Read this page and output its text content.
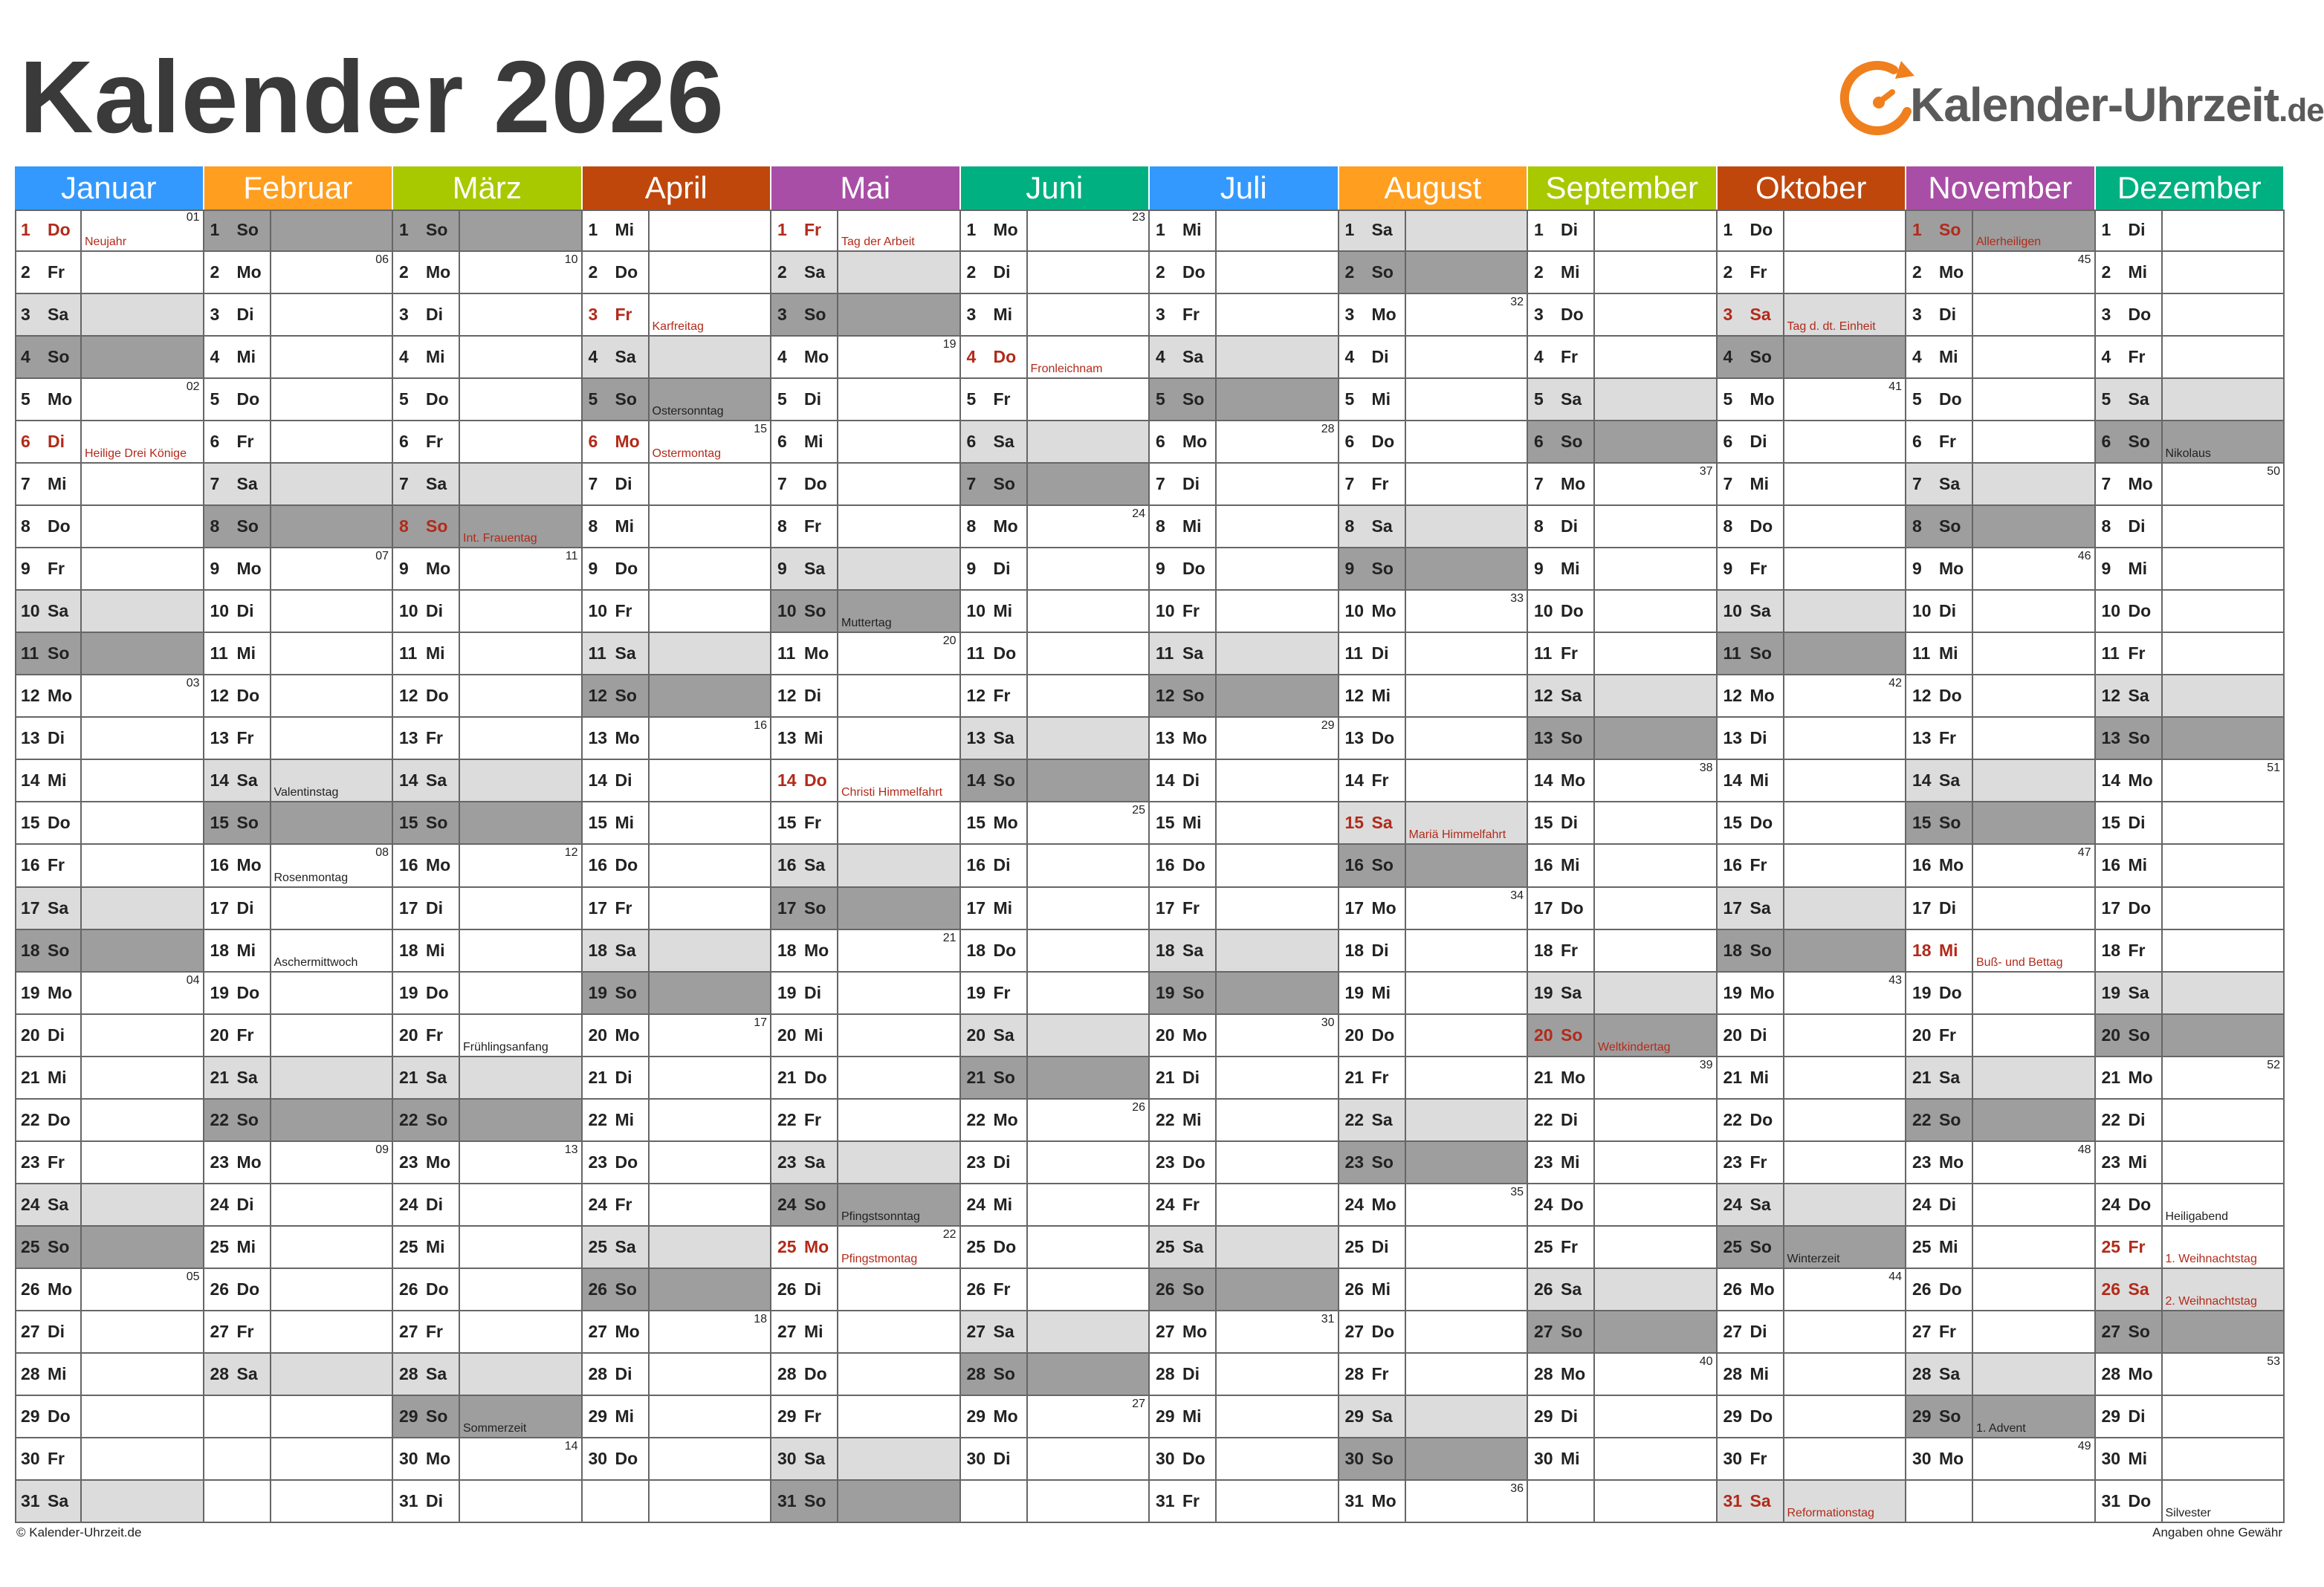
Kalender 2026	Kalender-Uhrzeit.de
Januar
1 Do
Neujahr
01
2 Fr
3 Sa
4 So
5 Mo
02
6 Di
Heilige Drei Könige
7 Mi
8 Do
9 Fr
10 Sa
11 So
12 Mo
03
13 Di
14 Mi
15 Do
16 Fr
17 Sa
18 So
19 Mo
04
20 Di
21 Mi
22 Do
23 Fr
24 Sa
25 So
26 Mo
05
27 Di
28 Mi
29 Do
30 Fr
31 Sa
Februar
1 So
2 Mo
06
3 Di
4 Mi
5 Do
6 Fr
7 Sa
8 So
9 Mo
07
10 Di
11 Mi
12 Do
13 Fr
14 Sa
Valentinstag
15 So
16 Mo
Rosenmontag
08
17 Di
18 Mi
Aschermittwoch
19 Do
20 Fr
21 Sa
22 So
23 Mo
09
24 Di
25 Mi
26 Do
27 Fr
28 Sa
März
1 So
2 Mo
10
3 Di
4 Mi
5 Do
6 Fr
7 Sa
8 So
Int. Frauentag
9 Mo
11
10 Di
11 Mi
12 Do
13 Fr
14 Sa
15 So
16 Mo
12
17 Di
18 Mi
19 Do
20 Fr
Frühlingsanfang
21 Sa
22 So
23 Mo
13
24 Di
25 Mi
26 Do
27 Fr
28 Sa
29 So
Sommerzeit
30 Mo
14
31 Di
April
1 Mi
2 Do
3 Fr
Karfreitag
4 Sa
5 So
Ostersonntag
6 Mo
Ostermontag
15
7 Di
8 Mi
9 Do
10 Fr
11 Sa
12 So
13 Mo
16
14 Di
15 Mi
16 Do
17 Fr
18 Sa
19 So
20 Mo
17
21 Di
22 Mi
23 Do
24 Fr
25 Sa
26 So
27 Mo
18
28 Di
29 Mi
30 Do
Mai
1 Fr
Tag der Arbeit
2 Sa
3 So
4 Mo
19
5 Di
6 Mi
7 Do
8 Fr
9 Sa
10 So
Muttertag
11 Mo
20
12 Di
13 Mi
14 Do
Christi Himmelfahrt
15 Fr
16 Sa
17 So
18 Mo
21
19 Di
20 Mi
21 Do
22 Fr
23 Sa
24 So
Pfingstsonntag
25 Mo
Pfingstmontag
22
26 Di
27 Mi
28 Do
29 Fr
30 Sa
31 So
Juni
1 Mo
23
2 Di
3 Mi
4 Do
Fronleichnam
5 Fr
6 Sa
7 So
8 Mo
24
9 Di
10 Mi
11 Do
12 Fr
13 Sa
14 So
15 Mo
25
16 Di
17 Mi
18 Do
19 Fr
20 Sa
21 So
22 Mo
26
23 Di
24 Mi
25 Do
26 Fr
27 Sa
28 So
29 Mo
27
30 Di
Juli
1 Mi
2 Do
3 Fr
4 Sa
5 So
6 Mo
28
7 Di
8 Mi
9 Do
10 Fr
11 Sa
12 So
13 Mo
29
14 Di
15 Mi
16 Do
17 Fr
18 Sa
19 So
20 Mo
30
21 Di
22 Mi
23 Do
24 Fr
25 Sa
26 So
27 Mo
31
28 Di
29 Mi
30 Do
31 Fr
August
1 Sa
2 So
3 Mo
32
4 Di
5 Mi
6 Do
7 Fr
8 Sa
9 So
10 Mo
33
11 Di
12 Mi
13 Do
14 Fr
15 Sa
Mariä Himmelfahrt
16 So
17 Mo
34
18 Di
19 Mi
20 Do
21 Fr
22 Sa
23 So
24 Mo
35
25 Di
26 Mi
27 Do
28 Fr
29 Sa
30 So
31 Mo
36
September
1 Di
2 Mi
3 Do
4 Fr
5 Sa
6 So
7 Mo
37
8 Di
9 Mi
10 Do
11 Fr
12 Sa
13 So
14 Mo
38
15 Di
16 Mi
17 Do
18 Fr
19 Sa
20 So
Weltkindertag
21 Mo
39
22 Di
23 Mi
24 Do
25 Fr
26 Sa
27 So
28 Mo
40
29 Di
30 Mi
Oktober
1 Do
2 Fr
3 Sa
Tag d. dt. Einheit
4 So
5 Mo
41
6 Di
7 Mi
8 Do
9 Fr
10 Sa
11 So
12 Mo
42
13 Di
14 Mi
15 Do
16 Fr
17 Sa
18 So
19 Mo
43
20 Di
21 Mi
22 Do
23 Fr
24 Sa
25 So
Winterzeit
26 Mo
44
27 Di
28 Mi
29 Do
30 Fr
31 Sa
Reformationstag
November
1 So
Allerheiligen
2 Mo
45
3 Di
4 Mi
5 Do
6 Fr
7 Sa
8 So
9 Mo
46
10 Di
11 Mi
12 Do
13 Fr
14 Sa
15 So
16 Mo
47
17 Di
18 Mi
Buß- und Bettag
19 Do
20 Fr
21 Sa
22 So
23 Mo
48
24 Di
25 Mi
26 Do
27 Fr
28 Sa
29 So
1. Advent
30 Mo
49
Dezember
1 Di
2 Mi
3 Do
4 Fr
5 Sa
6 So
Nikolaus
7 Mo
50
8 Di
9 Mi
10 Do
11 Fr
12 Sa
13 So
14 Mo
51
15 Di
16 Mi
17 Do
18 Fr
19 Sa
20 So
21 Mo
52
22 Di
23 Mi
24 Do
Heiligabend
25 Fr
1. Weihnachtstag
26 Sa
2. Weihnachtstag
27 So
28 Mo
53
29 Di
30 Mi
31 Do
Silvester
© Kalender-Uhrzeit.de	Angaben ohne Gewähr
